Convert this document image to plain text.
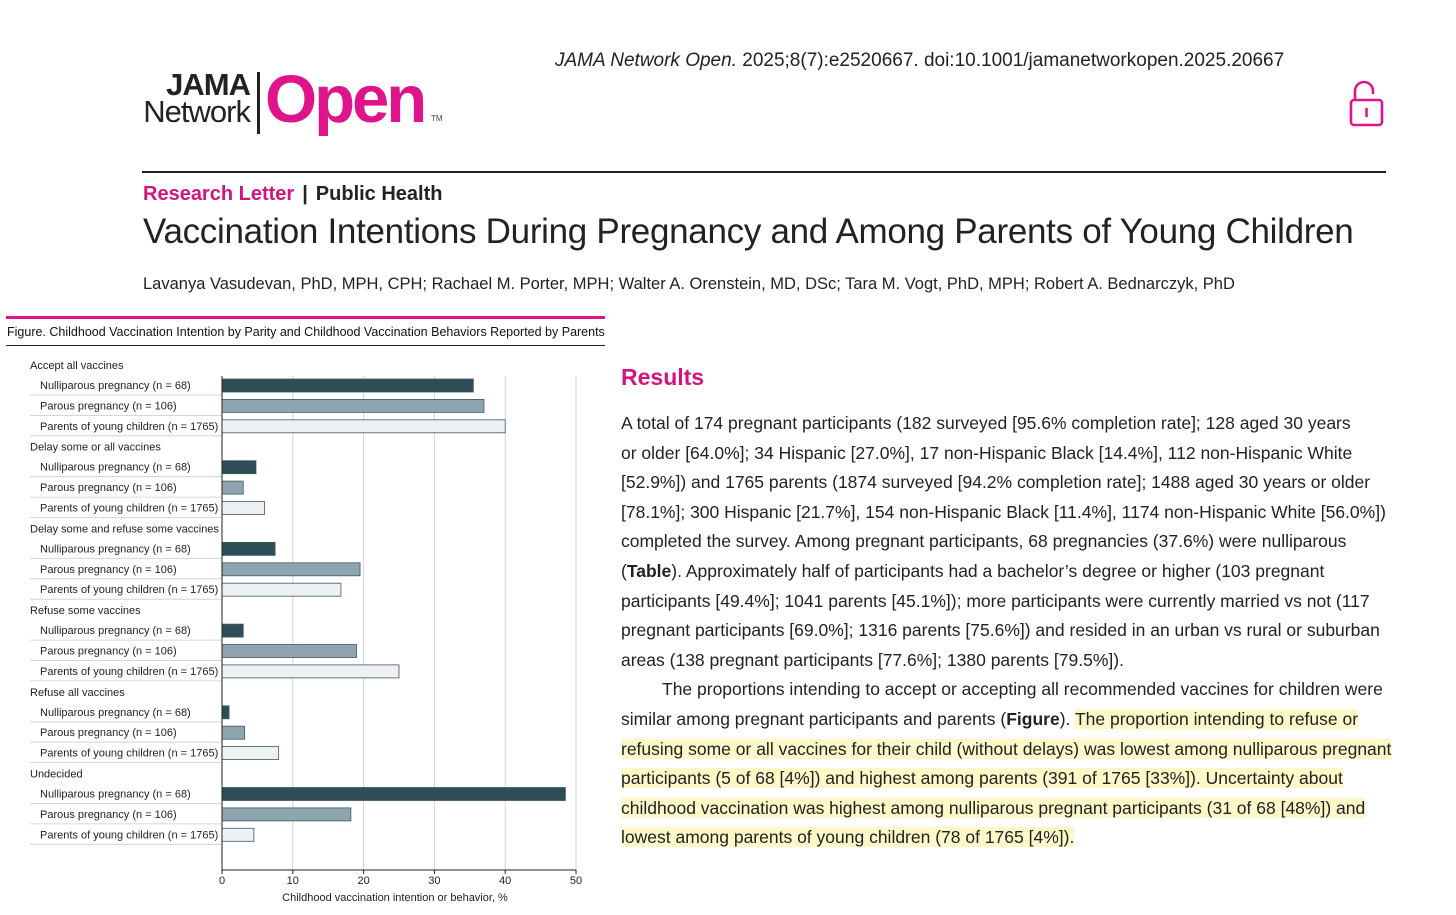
JAMA
Network Open TM
JAMA Network Open. 2025;8(7):e2520667. doi:10.1001/jamanetworkopen.2025.20667
Research Letter | Public Health
Vaccination Intentions During Pregnancy and Among Parents of Young Children
Lavanya Vasudevan, PhD, MPH, CPH; Rachael M. Porter, MPH; Walter A. Orenstein, MD, DSc; Tara M. Vogt, PhD, MPH; Robert A. Bednarczyk, PhD
Figure. Childhood Vaccination Intention by Parity and Childhood Vaccination Behaviors Reported by Parents
Accept all vaccines
Nulliparous pregnancy (n = 68)
Parous pregnancy (n = 106)
Parents of young children (n = 1765)
Delay some or all vaccines
Nulliparous pregnancy (n = 68)
Parous pregnancy (n = 106)
Parents of young children (n = 1765)
Delay some and refuse some vaccines
Nulliparous pregnancy (n = 68)
Parous pregnancy (n = 106)
Parents of young children (n = 1765)
Refuse some vaccines
Nulliparous pregnancy (n = 68)
Parous pregnancy (n = 106)
Parents of young children (n = 1765)
Refuse all vaccines
Nulliparous pregnancy (n = 68)
Parous pregnancy (n = 106)
Parents of young children (n = 1765)
Undecided
Nulliparous pregnancy (n = 68)
Parous pregnancy (n = 106)
Parents of young children (n = 1765)
0	10	20	30	40	50
Childhood vaccination intention or behavior, %
Results

A total of 174 pregnant participants (182 surveyed [95.6% completion rate]; 128 aged 30 years

or older [64.0%]; 34 Hispanic [27.0%], 17 non-Hispanic Black [14.4%], 112 non-Hispanic White

[52.9%]) and 1765 parents (1874 surveyed [94.2% completion rate]; 1488 aged 30 years or older

[78.1%]; 300 Hispanic [21.7%], 154 non-Hispanic Black [11.4%], 1174 non-Hispanic White [56.0%])

completed the survey. Among pregnant participants, 68 pregnancies (37.6%) were nulliparous

(Table). Approximately half of participants had a bachelor’s degree or higher (103 pregnant

participants [49.4%]; 1041 parents [45.1%]); more participants were currently married vs not (117

pregnant participants [69.0%]; 1316 parents [75.6%]) and resided in an urban vs rural or suburban

areas (138 pregnant participants [77.6%]; 1380 parents [79.5%]).

The proportions intending to accept or accepting all recommended vaccines for children were

similar among pregnant participants and parents (Figure). The proportion intending to refuse or

refusing some or all vaccines for their child (without delays) was lowest among nulliparous pregnant

participants (5 of 68 [4%]) and highest among parents (391 of 1765 [33%]). Uncertainty about

childhood vaccination was highest among nulliparous pregnant participants (31 of 68 [48%]) and

lowest among parents of young children (78 of 1765 [4%]).
